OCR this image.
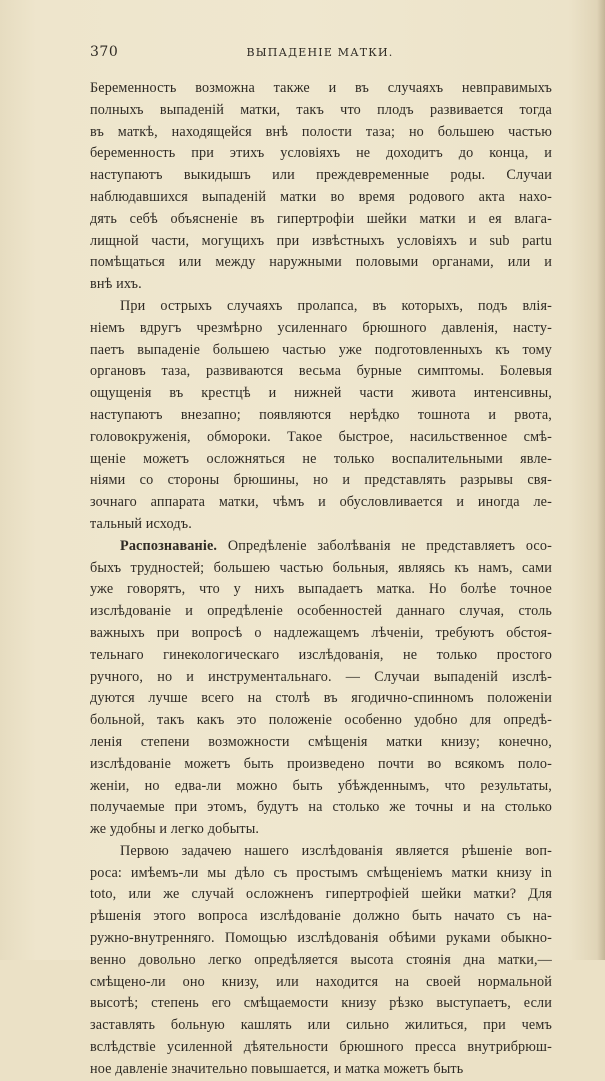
370	ВЫПАДЕНІЕ МАТКИ.
Беременность возможна также и въ случаяхъ невправимыхъ
полныхъ выпаденій матки, такъ что плодъ развивается тогда
въ маткѣ, находящейся внѣ полости таза; но большею частью
беременность при этихъ условіяхъ не доходитъ до конца, и
наступаютъ выкидышъ или преждевременные роды. Случаи
наблюдавшихся выпаденій матки во время родового акта нахо-
дять себѣ объясненіе въ гипертрофіи шейки матки и ея влага-
лищной части, могущихъ при извѣстныхъ условіяхъ и sub partu
помѣщаться или между наружными половыми органами, или и
внѣ ихъ.
При острыхъ случаяхъ пролапса, въ которыхъ, подъ влія-
ніемъ вдругъ чрезмѣрно усиленнаго брюшного давленія, насту-
паетъ выпаденіе большею частью уже подготовленныхъ къ тому
органовъ таза, развиваются весьма бурные симптомы. Болевыя
ощущенія въ крестцѣ и нижней части живота интенсивны,
наступаютъ внезапно; появляются нерѣдко тошнота и рвота,
головокруженія, обмороки. Такое быстрое, насильственное смѣ-
щеніе можетъ осложняться не только воспалительными явле-
ніями со стороны брюшины, но и представлять разрывы свя-
зочнаго аппарата матки, чѣмъ и обусловливается и иногда ле-
тальный исходъ.
Распознаваніе. Опредѣленіе заболѣванія не представляетъ осо-
быхъ трудностей; большею частью больныя, являясь къ намъ, сами
уже говорятъ, что у нихъ выпадаетъ матка. Но болѣе точное
изслѣдованіе и опредѣленіе особенностей даннаго случая, столь
важныхъ при вопросѣ о надлежащемъ лѣченіи, требуютъ обстоя-
тельнаго гинекологическаго изслѣдованія, не только простого
ручного, но и инструментальнаго. — Случаи выпаденій изслѣ-
дуются лучше всего на столѣ въ ягодично-спинномъ положеніи
больной, такъ какъ это положеніе особенно удобно для опредѣ-
ленія степени возможности смѣщенія матки книзу; конечно,
изслѣдованіе можетъ быть произведено почти во всякомъ поло-
женіи, но едва-ли можно быть убѣжденнымъ, что результаты,
получаемые при этомъ, будутъ на столько же точны и на столько
же удобны и легко добыты.
Первою задачею нашего изслѣдованія является рѣшеніе воп-
роса: имѣемъ-ли мы дѣло съ простымъ смѣщеніемъ матки книзу in
toto, или же случай осложненъ гипертрофіей шейки матки? Для
рѣшенія этого вопроса изслѣдованіе должно быть начато съ на-
ружно-внутренняго. Помощью изслѣдованія обѣими руками обыкно-
венно довольно легко опредѣляется высота стоянія дна матки,—
смѣщено-ли оно книзу, или находится на своей нормальной
высотѣ; степень его смѣщаемости книзу рѣзко выступаетъ, если
заставлять больную кашлять или сильно жилиться, при чемъ
вслѣдствіе усиленной дѣятельности брюшного пресса внутрибрюш-
ное давленіе значительно повышается, и матка можетъ быть
